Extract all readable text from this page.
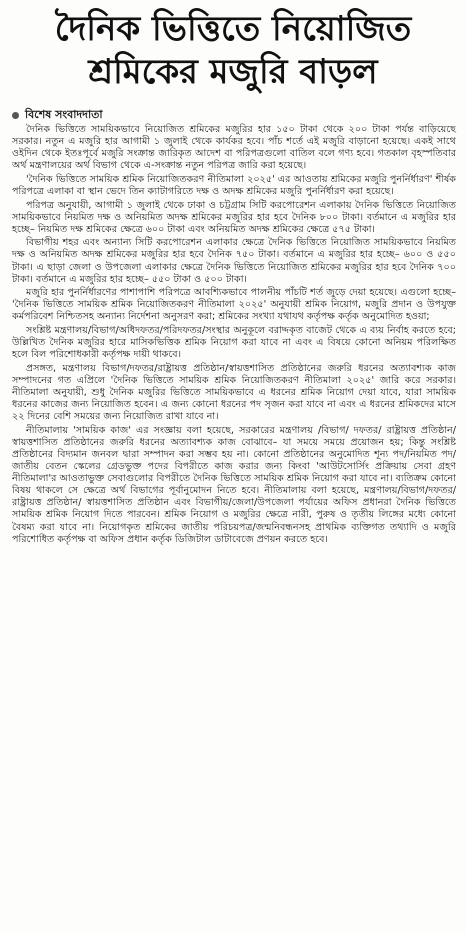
দৈনিক ভিত্তিতে নিয়োজিত
শ্রমিকের মজুরি বাড়ল
বিশেষ সংবাদদাতা

দৈনিক ভিত্তিতে সাময়িকভাবে নিয়োজিত শ্রমিকের মজুরির হার ১৫০ টাকা থেকে ২০০ টাকা পর্যন্ত বাড়িয়েছে সরকার। নতুন এ মজুরি হার আগামী ১ জুলাই থেকে কার্যকর হবে। পাঁচ শর্তে এই মজুরি বাড়ানো হয়েছে। একই সাথে ওইদিন থেকে ইতঃপূর্বে মজুরি সংক্রান্ত জারিকৃত আদেশ বা পরিপত্রগুলো বাতিল বলে গণ্য হবে। গতকাল বৃহস্পতিবার অর্থ মন্ত্রণালয়ের অর্থ বিভাগ থেকে এ-সংক্রান্ত নতুন পরিপত্র জারি করা হয়েছে।

'দৈনিক ভিত্তিতে সাময়িক শ্রমিক নিয়োজিতকরণ নীতিমালা ২০২৫' এর আওতায় শ্রমিকের মজুরি পুনর্নির্ধারণ' শীর্ষক পরিপত্রে এলাকা বা স্থান ভেদে তিন ক্যাটাগরিতে দক্ষ ও অদক্ষ শ্রমিকের মজুরি পুনর্নির্ধারণ করা হয়েছে।

পরিপত্র অনুযায়ী, আগামী ১ জুলাই থেকে ঢাকা ও চট্টগ্রাম সিটি করপোরেশন এলাকায় দৈনিক ভিত্তিতে নিয়োজিত সাময়িকভাবে নিয়মিত দক্ষ ও অনিয়মিত অদক্ষ শ্রমিকের মজুরির হার হবে দৈনিক ৮০০ টাকা। বর্তমানে এ মজুরির হার হচ্ছে– নিয়মিত দক্ষ শ্রমিকের ক্ষেত্রে ৬০০ টাকা এবং অনিয়মিত অদক্ষ শ্রমিকের ক্ষেত্রে ৫৭৫ টাকা।

বিভাগীয় শহর এবং অন্যান্য সিটি করপোরেশন এলাকার ক্ষেত্রে দৈনিক ভিত্তিতে নিয়োজিত সাময়িকভাবে নিয়মিত দক্ষ ও অনিয়মিত অদক্ষ শ্রমিকের মজুরির হার হবে দৈনিক ৭৫০ টাকা। বর্তমানে এ মজুরির হার হচ্ছে– ৬০০ ও ৫৫০ টাকা। এ ছাড়া জেলা ও উপজেলা এলাকার ক্ষেত্রে দৈনিক ভিত্তিতে নিয়োজিত শ্রমিকের মজুরির হার হবে দৈনিক ৭০০ টাকা। বর্তমানে এ মজুরির হার হচ্ছে– ৫৫০ টাকা ও ৫০০ টাকা।

মজুরি হার পুনর্নির্ধারণের পাশাপাশি পরিপত্রে আবশ্যিকভাবে পালনীয় পাঁচটি শর্ত জুড়ে দেয়া হয়েছে। এগুলো হচ্ছে– 'দৈনিক ভিত্তিতে সাময়িক শ্রমিক নিয়োজিতকরণ নীতিমালা ২০২৫' অনুযায়ী শ্রমিক নিয়োগ, মজুরি প্রদান ও উপযুক্ত কর্মপরিবেশ নিশ্চিতসহ অন্যান্য নির্দেশনা অনুসরণ করা; শ্রমিকের সংখ্যা যথাযথ কর্তৃপক্ষ কর্তৃক অনুমোদিত হওয়া;

সংশ্লিষ্ট মন্ত্রণালয়/বিভাগ/অধিদফতর/পরিদফতর/সংস্থার অনুকূলে বরাদ্দকৃত বাজেট থেকে এ ব্যয় নির্বাহ করতে হবে; উল্লিখিত দৈনিক মজুরির হারে মাসিকভিত্তিক শ্রমিক নিয়োগ করা যাবে না এবং এ বিষয়ে কোনো অনিয়ম পরিলক্ষিত হলে বিল পরিশোধকারী কর্তৃপক্ষ দায়ী থাকবে।

প্রসঙ্গত, মন্ত্রণালয় বিভাগ/দফতর/রাষ্ট্রায়ত্ত প্রতিষ্ঠান/স্বায়ত্তশাসিত প্রতিষ্ঠানের জরুরি ধরনের অত্যাবশ্যক কাজ সম্পাদনের গত এপ্রিলে 'দৈনিক ভিত্তিতে সাময়িক শ্রমিক নিয়োজিতকরণ নীতিমালা ২০২৫' জারি করে সরকার। নীতিমালা অনুযায়ী, শুধু দৈনিক মজুরির ভিত্তিতে সাময়িকভাবে এ ধরনের শ্রমিক নিয়োগ দেয়া যাবে, যারা সাময়িক ধরনের কাজের জন্য নিয়োজিত হবেন। এ জন্য কোনো ধরনের পদ সৃজন করা যাবে না এবং এ ধরনের শ্রমিকদের মাসে ২২ দিনের বেশি সময়ের জন্য নিয়োজিত রাখা যাবে না।

নীতিমালায় 'সাময়িক কাজ' এর সংজ্ঞায় বলা হয়েছে, সরকারের মন্ত্রণালয় /বিভাগ/ দফতর/ রাষ্ট্রায়ত্ত প্রতিষ্ঠান/স্বায়ত্তশাসিত প্রতিষ্ঠানের জরুরি ধরনের অত্যাবশ্যক কাজ বোঝাবে– যা সময়ে সময়ে প্রয়োজন হয়; কিন্তু সংশ্লিষ্ট প্রতিষ্ঠানের বিদ্যমান জনবল দ্বারা সম্পাদন করা সম্ভব হয় না। কোনো প্রতিষ্ঠানের অনুমোদিত শূন্য পদ/নিয়মিত পদ/জাতীয় বেতন স্কেলের গ্রেডভুক্ত পদের বিপরীতে কাজ করার জন্য কিংবা 'আউটসোর্সিং প্রক্রিয়ায় সেবা গ্রহণ নীতিমালা'র আওতাভুক্ত সেবাগুলোর বিপরীতে দৈনিক ভিত্তিতে সাময়িক শ্রমিক নিয়োগ করা যাবে না। ব্যতিক্রম কোনো বিষয় থাকলে সে ক্ষেত্রে অর্থ বিভাগের পূর্বানুমোদন নিতে হবে। নীতিমালায় বলা হয়েছে, মন্ত্রণালয়/বিভাগ/দফতর/রাষ্ট্রায়ত্ত প্রতিষ্ঠান/ স্বায়ত্তশাসিত প্রতিষ্ঠান এবং বিভাগীয়/জেলা/উপজেলা পর্যায়ের অফিস প্রধানরা দৈনিক ভিত্তিতে সাময়িক শ্রমিক নিয়োগ দিতে পারবেন। শ্রমিক নিয়োগ ও মজুরির ক্ষেত্রে নারী, পুরুষ ও তৃতীয় লিঙ্গের মধ্যে কোনো বৈষম্য করা যাবে না। নিয়োগকৃত শ্রমিকের জাতীয় পরিচয়পত্র/জন্মনিবন্ধনসহ প্রাথমিক ব্যক্তিগত তথ্যাদি ও মজুরি পরিশোধিত কর্তৃপক্ষ বা অফিস প্রধান কর্তৃক ডিজিটাল ডাটাবেজে প্রণয়ন করতে হবে।
